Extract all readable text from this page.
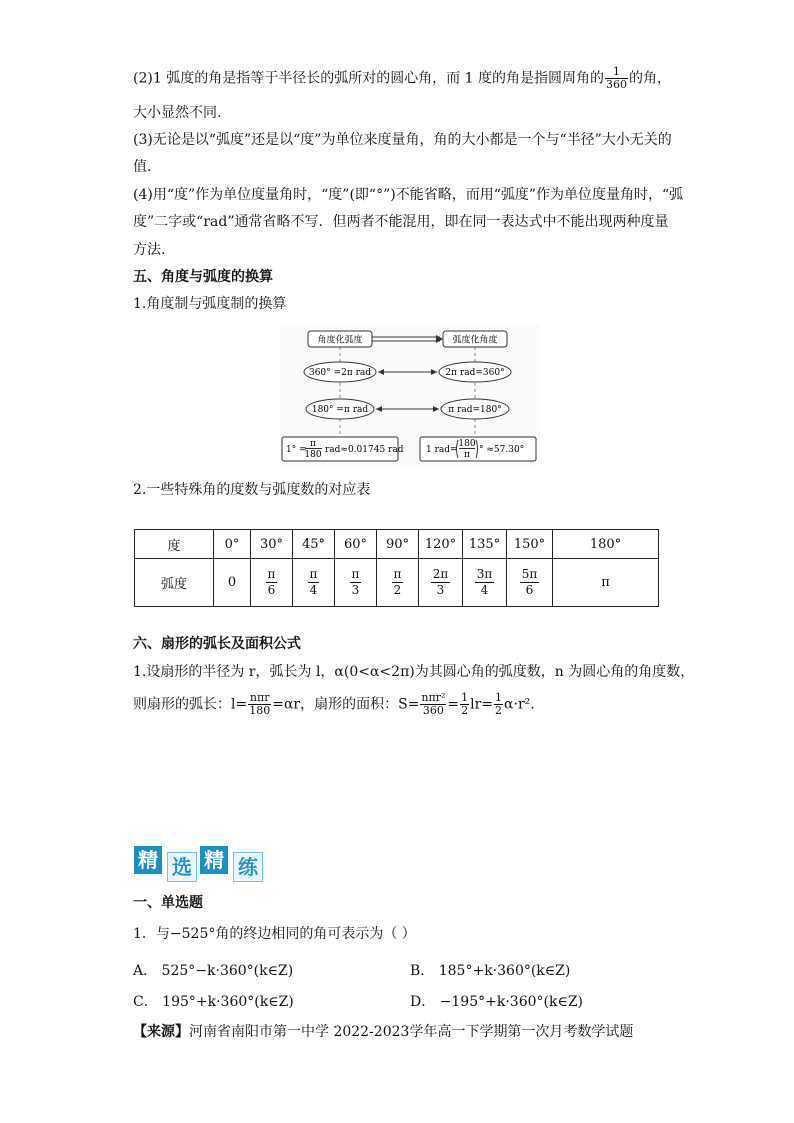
(2)1 弧度的角是指等于半径长的弧所对的圆心角，而 1 度的角是指圆周角的 $\frac{1}{360}$ 的角，
大小显然不同.
(3)无论是以“弧度”还是以“度”为单位来度量角，角的大小都是一个与“半径”大小无关的
值.
(4)用“度”作为单位度量角时，“度”(即“°”)不能省略，而用“弧度”作为单位度量角时，“弧
度”二字或“rad”通常省略不写．但两者不能混用，即在同一表达式中不能出现两种度量
方法.
五、角度与弧度的换算
1.角度制与弧度制的换算
角度化弧度	弧度化角度
360° =2π rad	2π rad=360°
180° =π rad	π rad=180°
1° =
π
180 rad≈0.01745 rad	1 rad=
180
π ° ≈57.30°
2.一些特殊角的度数与弧度数的对应表
度	0°	30°	45°	60°	90°	120°	135°	150°	180°
弧度	0	$\frac{\pi}{6}$	$\frac{\pi}{4}$	$\frac{\pi}{3}$	$\frac{\pi}{2}$	$\frac{2\pi}{3}$	$\frac{3\pi}{4}$	$\frac{5\pi}{6}$	π
六、扇形的弧长及面积公式
1.设扇形的半径为 r，弧长为 l，α(0<α<2π)为其圆心角的弧度数，n 为圆心角的角度数，
则扇形的弧长：$l= \frac{\text{nπr}}{180} =\alpha r$，扇形的面积：$S= \frac{\text{nπr²}}{360} = \frac{1}{2} lr= \frac{1}{2} \alpha\cdot r^2$.
精 选 精 练
一、单选题
1．与−525°角的终边相同的角可表示为（ ）
A． 525°−k·360°(k∈Z)	B． 185°+k·360°(k∈Z)
C． 195°+k·360°(k∈Z)	D． −195°+k·360°(k∈Z)
【来源】河南省南阳市第一中学 2022-2023学年高一下学期第一次月考数学试题
